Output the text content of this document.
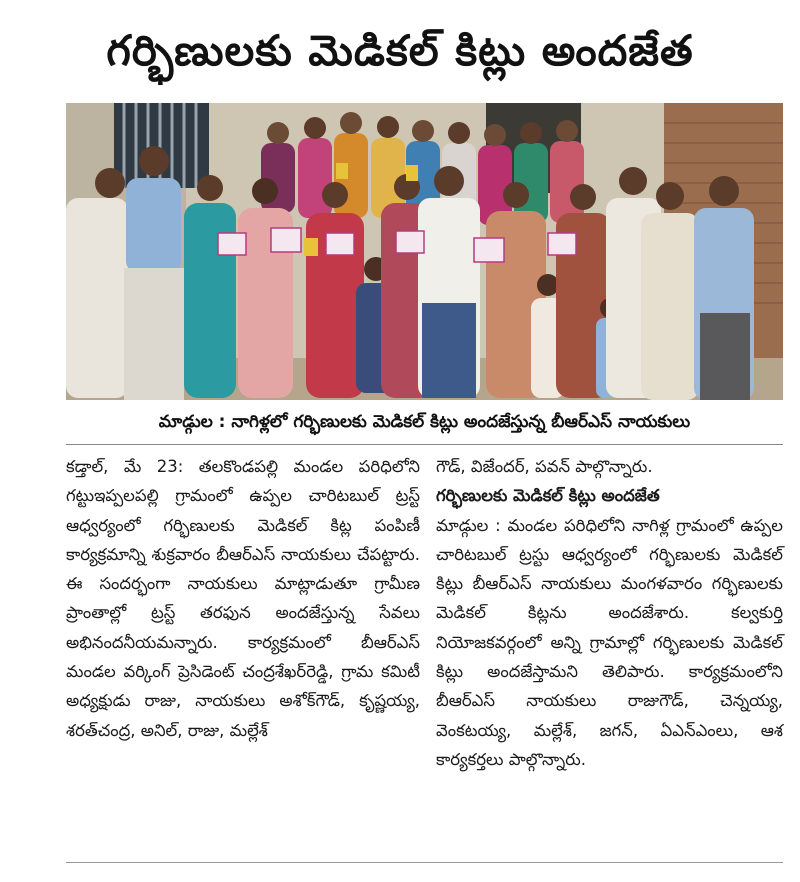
గర్భిణులకు మెడికల్ కిట్లు అందజేత
మాడ్గుల : నాగిళ్లలో గర్భిణులకు మెడికల్ కిట్లు అందజేస్తున్న బీఆర్ఎస్ నాయకులు

కడ్తాల్, మే 23: తలకొండపల్లి మండల పరిధిలోని గట్టుఇప్పలపల్లి గ్రామంలో ఉప్పల చారిటబుల్ ట్రస్ట్ ఆధ్వర్యంలో గర్భిణులకు మెడికల్ కిట్ల పంపిణీ కార్యక్రమాన్ని శుక్రవారం బీఆర్ఎస్ నాయకులు చేపట్టారు. ఈ సందర్భంగా నాయకులు మాట్లాడుతూ గ్రామీణ ప్రాంతాల్లో ట్రస్ట్ తరఫున అందజేస్తున్న సేవలు అభినందనీయమన్నారు. కార్యక్రమంలో బీఆర్ఎస్ మండల వర్కింగ్ ప్రెసిడెంట్ చంద్రశేఖర్‌రెడ్డి, గ్రామ కమిటీ అధ్యక్షుడు రాజు, నాయకులు అశోక్‌గౌడ్, కృష్ణయ్య, శరత్‌చంద్ర, అనిల్, రాజు, మల్లేశ్

గౌడ్, విజేందర్, పవన్ పాల్గొన్నారు.

గర్భిణులకు మెడికల్ కిట్లు అందజేత

మాడ్గుల : మండల పరిధిలోని నాగిళ్ల గ్రామంలో ఉప్పల చారిటబుల్ ట్రస్టు ఆధ్వర్యంలో గర్భిణులకు మెడికల్ కిట్లు బీఆర్ఎస్ నాయకులు మంగళవారం గర్భిణులకు మెడికల్ కిట్లను అందజేశారు. కల్వకుర్తి నియోజకవర్గంలో అన్ని గ్రామాల్లో గర్భిణులకు మెడికల్ కిట్లు అందజేస్తామని తెలిపారు. కార్యక్రమంలోని బీఆర్ఎస్ నాయకులు రాజుగౌడ్, చెన్నయ్య, వెంకటయ్య, మల్లేశ్, జగన్, ఏఎన్ఎంలు, ఆశ కార్యకర్తలు పాల్గొన్నారు.
